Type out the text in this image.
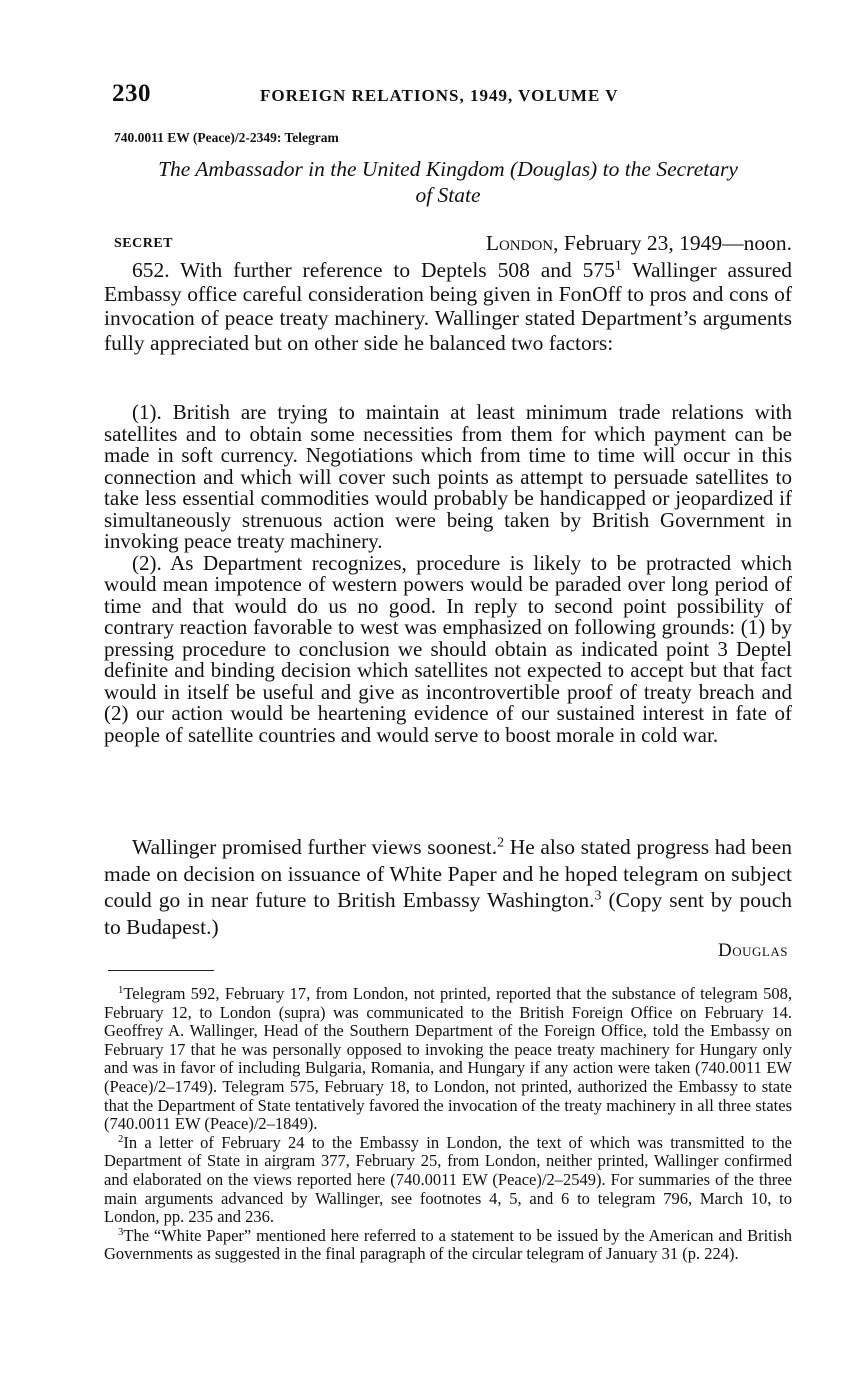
230	FOREIGN RELATIONS, 1949, VOLUME V
740.0011 EW (Peace)/2-2349: Telegram
The Ambassador in the United Kingdom (Douglas) to the Secretary
of State
SECRET	London, February 23, 1949—noon.

652. With further reference to Deptels 508 and $575^1$ Wallinger assured Embassy office careful consideration being given in FonOff to pros and cons of invocation of peace treaty machinery. Wallinger stated Department’s arguments fully appreciated but on other side he balanced two factors:

(1). British are trying to maintain at least minimum trade relations with satellites and to obtain some necessities from them for which payment can be made in soft currency. Negotiations which from time to time will occur in this connection and which will cover such points as attempt to persuade satellites to take less essential commodities would probably be handicapped or jeopardized if simultaneously strenuous action were being taken by British Government in invoking peace treaty machinery.

(2). As Department recognizes, procedure is likely to be protracted which would mean impotence of western powers would be paraded over long period of time and that would do us no good. In reply to second point possibility of contrary reaction favorable to west was emphasized on following grounds: (1) by pressing procedure to conclusion we should obtain as indicated point 3 Deptel definite and binding decision which satellites not expected to accept but that fact would in itself be useful and give as incontrovertible proof of treaty breach and (2) our action would be heartening evidence of our sustained interest in fate of people of satellite countries and would serve to boost morale in cold war.

Wallinger promised further views soonest.$^2$ He also stated progress had been made on decision on issuance of White Paper and he hoped telegram on subject could go in near future to British Embassy Washington.$^3$ (Copy sent by pouch to Budapest.)

Douglas

$^1$Telegram 592, February 17, from London, not printed, reported that the substance of telegram 508, February 12, to London (supra) was communicated to the British Foreign Office on February 14. Geoffrey A. Wallinger, Head of the Southern Department of the Foreign Office, told the Embassy on February 17 that he was personally opposed to invoking the peace treaty machinery for Hungary only and was in favor of including Bulgaria, Romania, and Hungary if any action were taken (740.0011 EW (Peace)/2–1749). Telegram 575, February 18, to London, not printed, authorized the Embassy to state that the Department of State tentatively favored the invocation of the treaty machinery in all three states (740.0011 EW (Peace)/2–1849).

$^2$In a letter of February 24 to the Embassy in London, the text of which was transmitted to the Department of State in airgram 377, February 25, from London, neither printed, Wallinger confirmed and elaborated on the views reported here (740.0011 EW (Peace)/2–2549). For summaries of the three main arguments advanced by Wallinger, see footnotes 4, 5, and 6 to telegram 796, March 10, to London, pp. 235 and 236.

$^3$The “White Paper” mentioned here referred to a statement to be issued by the American and British Governments as suggested in the final paragraph of the circular telegram of January 31 (p. 224).
